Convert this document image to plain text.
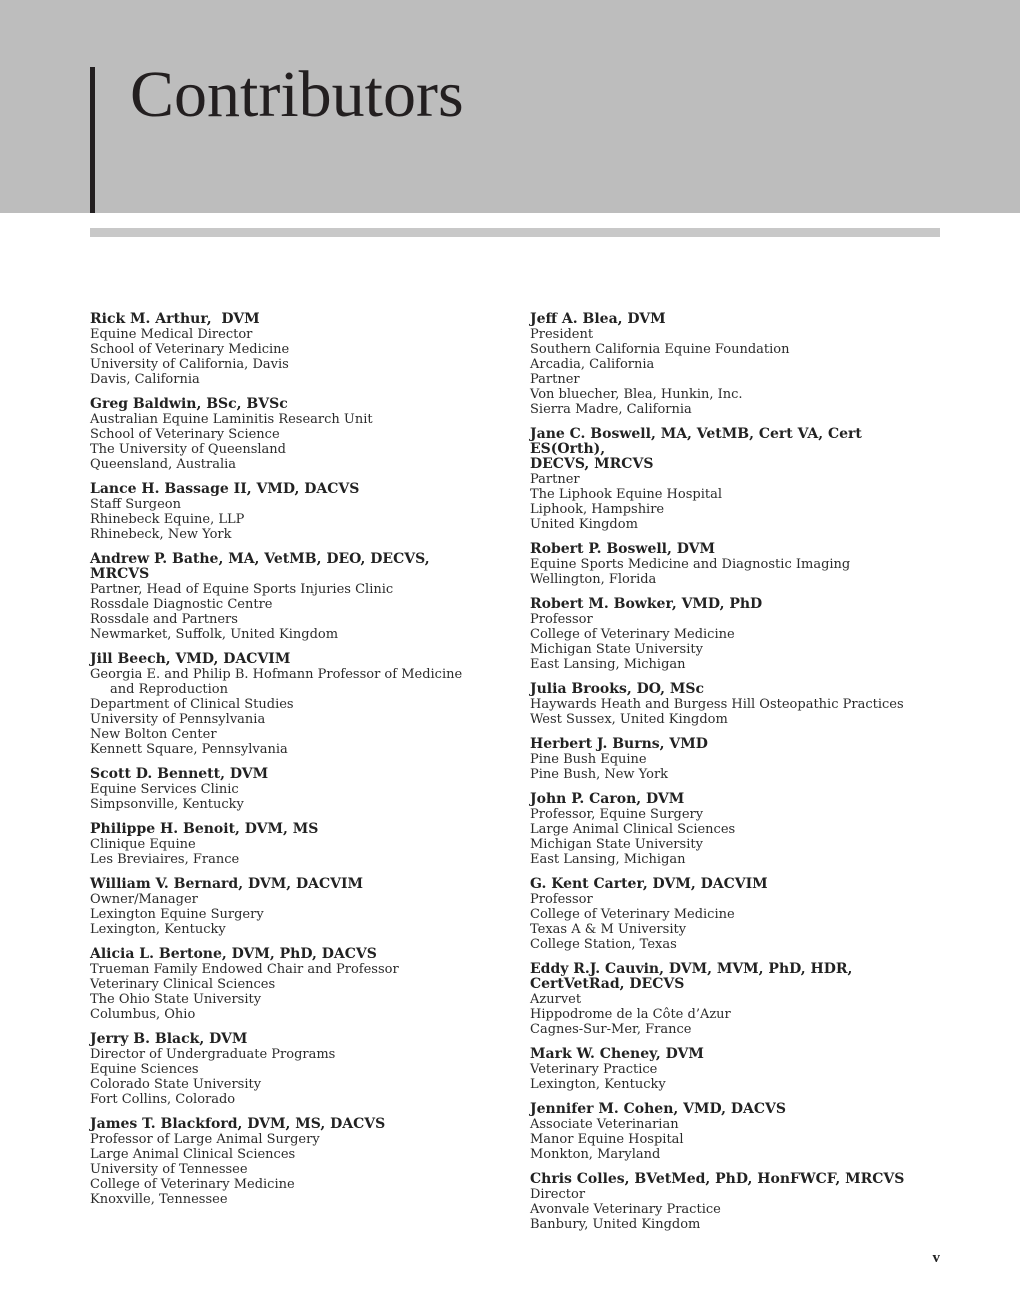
Contributors
Rick M. Arthur,  DVM
Equine Medical Director
School of Veterinary Medicine
University of California, Davis
Davis, California
Greg Baldwin, BSc, BVSc
Australian Equine Laminitis Research Unit
School of Veterinary Science
The University of Queensland
Queensland, Australia
Lance H. Bassage II, VMD, DACVS
Staff Surgeon
Rhinebeck Equine, LLP
Rhinebeck, New York
Andrew P. Bathe, MA, VetMB, DEO, DECVS, MRCVS
Partner, Head of Equine Sports Injuries Clinic
Rossdale Diagnostic Centre
Rossdale and Partners
Newmarket, Suffolk, United Kingdom
Jill Beech, VMD, DACVIM
Georgia E. and Philip B. Hofmann Professor of Medicine and Reproduction
Department of Clinical Studies
University of Pennsylvania
New Bolton Center
Kennett Square, Pennsylvania
Scott D. Bennett, DVM
Equine Services Clinic
Simpsonville, Kentucky
Philippe H. Benoit, DVM, MS
Clinique Equine
Les Breviaires, France
William V. Bernard, DVM, DACVIM
Owner/Manager
Lexington Equine Surgery
Lexington, Kentucky
Alicia L. Bertone, DVM, PhD, DACVS
Trueman Family Endowed Chair and Professor
Veterinary Clinical Sciences
The Ohio State University
Columbus, Ohio
Jerry B. Black, DVM
Director of Undergraduate Programs
Equine Sciences
Colorado State University
Fort Collins, Colorado
James T. Blackford, DVM, MS, DACVS
Professor of Large Animal Surgery
Large Animal Clinical Sciences
University of Tennessee
College of Veterinary Medicine
Knoxville, Tennessee
Jeff A. Blea, DVM
President
Southern California Equine Foundation
Arcadia, California
Partner
Von bluecher, Blea, Hunkin, Inc.
Sierra Madre, California
Jane C. Boswell, MA, VetMB, Cert VA, Cert ES(Orth),
DECVS, MRCVS
Partner
The Liphook Equine Hospital
Liphook, Hampshire
United Kingdom
Robert P. Boswell, DVM
Equine Sports Medicine and Diagnostic Imaging
Wellington, Florida
Robert M. Bowker, VMD, PhD
Professor
College of Veterinary Medicine
Michigan State University
East Lansing, Michigan
Julia Brooks, DO, MSc
Haywards Heath and Burgess Hill Osteopathic Practices
West Sussex, United Kingdom
Herbert J. Burns, VMD
Pine Bush Equine
Pine Bush, New York
John P. Caron, DVM
Professor, Equine Surgery
Large Animal Clinical Sciences
Michigan State University
East Lansing, Michigan
G. Kent Carter, DVM, DACVIM
Professor
College of Veterinary Medicine
Texas A & M University
College Station, Texas
Eddy R.J. Cauvin, DVM, MVM, PhD, HDR,
CertVetRad, DECVS
Azurvet
Hippodrome de la Côte d’Azur
Cagnes-Sur-Mer, France
Mark W. Cheney, DVM
Veterinary Practice
Lexington, Kentucky
Jennifer M. Cohen, VMD, DACVS
Associate Veterinarian
Manor Equine Hospital
Monkton, Maryland
Chris Colles, BVetMed, PhD, HonFWCF, MRCVS
Director
Avonvale Veterinary Practice
Banbury, United Kingdom
v
